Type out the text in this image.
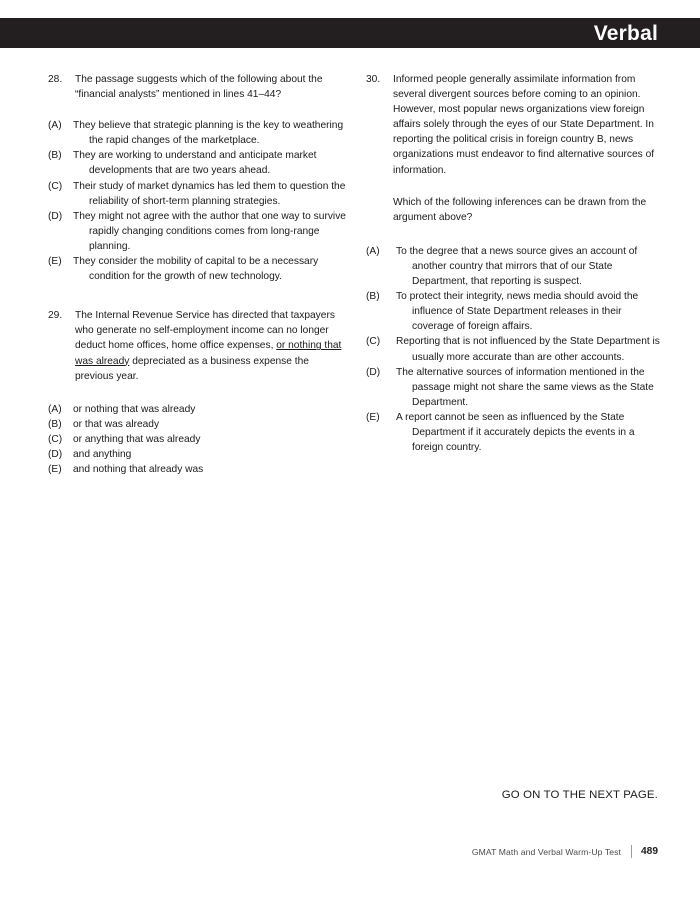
Verbal
28.	The passage suggests which of the following about the “financial analysts” mentioned in lines 41–44?
(A)	They believe that strategic planning is the key to weathering the rapid changes of the marketplace.
(B)	They are working to understand and anticipate market developments that are two years ahead.
(C)	Their study of market dynamics has led them to question the reliability of short-term planning strategies.
(D)	They might not agree with the author that one way to survive rapidly changing conditions comes from long-range planning.
(E)	They consider the mobility of capital to be a necessary condition for the growth of new technology.
29.	The Internal Revenue Service has directed that taxpayers who generate no self-employment income can no longer deduct home offices, home office expenses, or nothing that was already depreciated as a business expense the previous year.
(A)	or nothing that was already
(B)	or that was already
(C)	or anything that was already
(D)	and anything
(E)	and nothing that already was
30.	Informed people generally assimilate information from several divergent sources before coming to an opinion. However, most popular news organizations view foreign affairs solely through the eyes of our State Department. In reporting the political crisis in foreign country B, news organizations must endeavor to find alternative sources of information.
Which of the following inferences can be drawn from the argument above?
(A)	To the degree that a news source gives an account of another country that mirrors that of our State Department, that reporting is suspect.
(B)	To protect their integrity, news media should avoid the influence of State Department releases in their coverage of foreign affairs.
(C)	Reporting that is not influenced by the State Department is usually more accurate than are other accounts.
(D)	The alternative sources of information mentioned in the passage might not share the same views as the State Department.
(E)	A report cannot be seen as influenced by the State Department if it accurately depicts the events in a foreign country.
GO ON TO THE NEXT PAGE.
GMAT Math and Verbal Warm-Up Test 489
